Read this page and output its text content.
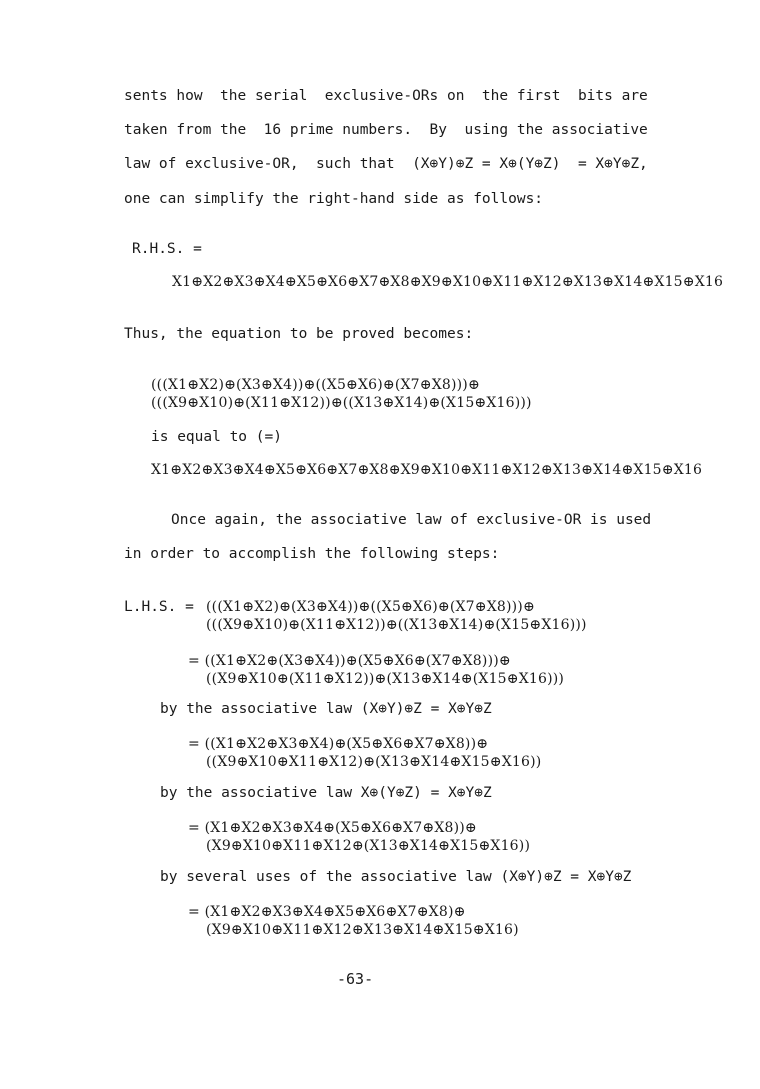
sents how  the serial  exclusive-ORs on  the first  bits are
taken from the  16 prime numbers.  By  using the associative
law of exclusive-OR,  such that  (X⊕Y)⊕Z = X⊕(Y⊕Z)  = X⊕Y⊕Z,
one can simplify the right-hand side as follows:
R.H.S. =
X1⊕X2⊕X3⊕X4⊕X5⊕X6⊕X7⊕X8⊕X9⊕X10⊕X11⊕X12⊕X13⊕X14⊕X15⊕X16
Thus, the equation to be proved becomes:
(((X1⊕X2)⊕(X3⊕X4))⊕((X5⊕X6)⊕(X7⊕X8)))⊕
(((X9⊕X10)⊕(X11⊕X12))⊕((X13⊕X14)⊕(X15⊕X16)))
is equal to (=)
X1⊕X2⊕X3⊕X4⊕X5⊕X6⊕X7⊕X8⊕X9⊕X10⊕X11⊕X12⊕X13⊕X14⊕X15⊕X16
Once again, the associative law of exclusive-OR is used
in order to accomplish the following steps:
L.H.S. = (((X1⊕X2)⊕(X3⊕X4))⊕((X5⊕X6)⊕(X7⊕X8)))⊕
(((X9⊕X10)⊕(X11⊕X12))⊕((X13⊕X14)⊕(X15⊕X16)))
= ((X1⊕X2⊕(X3⊕X4))⊕(X5⊕X6⊕(X7⊕X8)))⊕
((X9⊕X10⊕(X11⊕X12))⊕(X13⊕X14⊕(X15⊕X16)))
by the associative law (X⊕Y)⊕Z = X⊕Y⊕Z
= ((X1⊕X2⊕X3⊕X4)⊕(X5⊕X6⊕X7⊕X8))⊕
((X9⊕X10⊕X11⊕X12)⊕(X13⊕X14⊕X15⊕X16))
by the associative law X⊕(Y⊕Z) = X⊕Y⊕Z
= (X1⊕X2⊕X3⊕X4⊕(X5⊕X6⊕X7⊕X8))⊕
(X9⊕X10⊕X11⊕X12⊕(X13⊕X14⊕X15⊕X16))
by several uses of the associative law (X⊕Y)⊕Z = X⊕Y⊕Z
= (X1⊕X2⊕X3⊕X4⊕X5⊕X6⊕X7⊕X8)⊕
(X9⊕X10⊕X11⊕X12⊕X13⊕X14⊕X15⊕X16)
-63-
